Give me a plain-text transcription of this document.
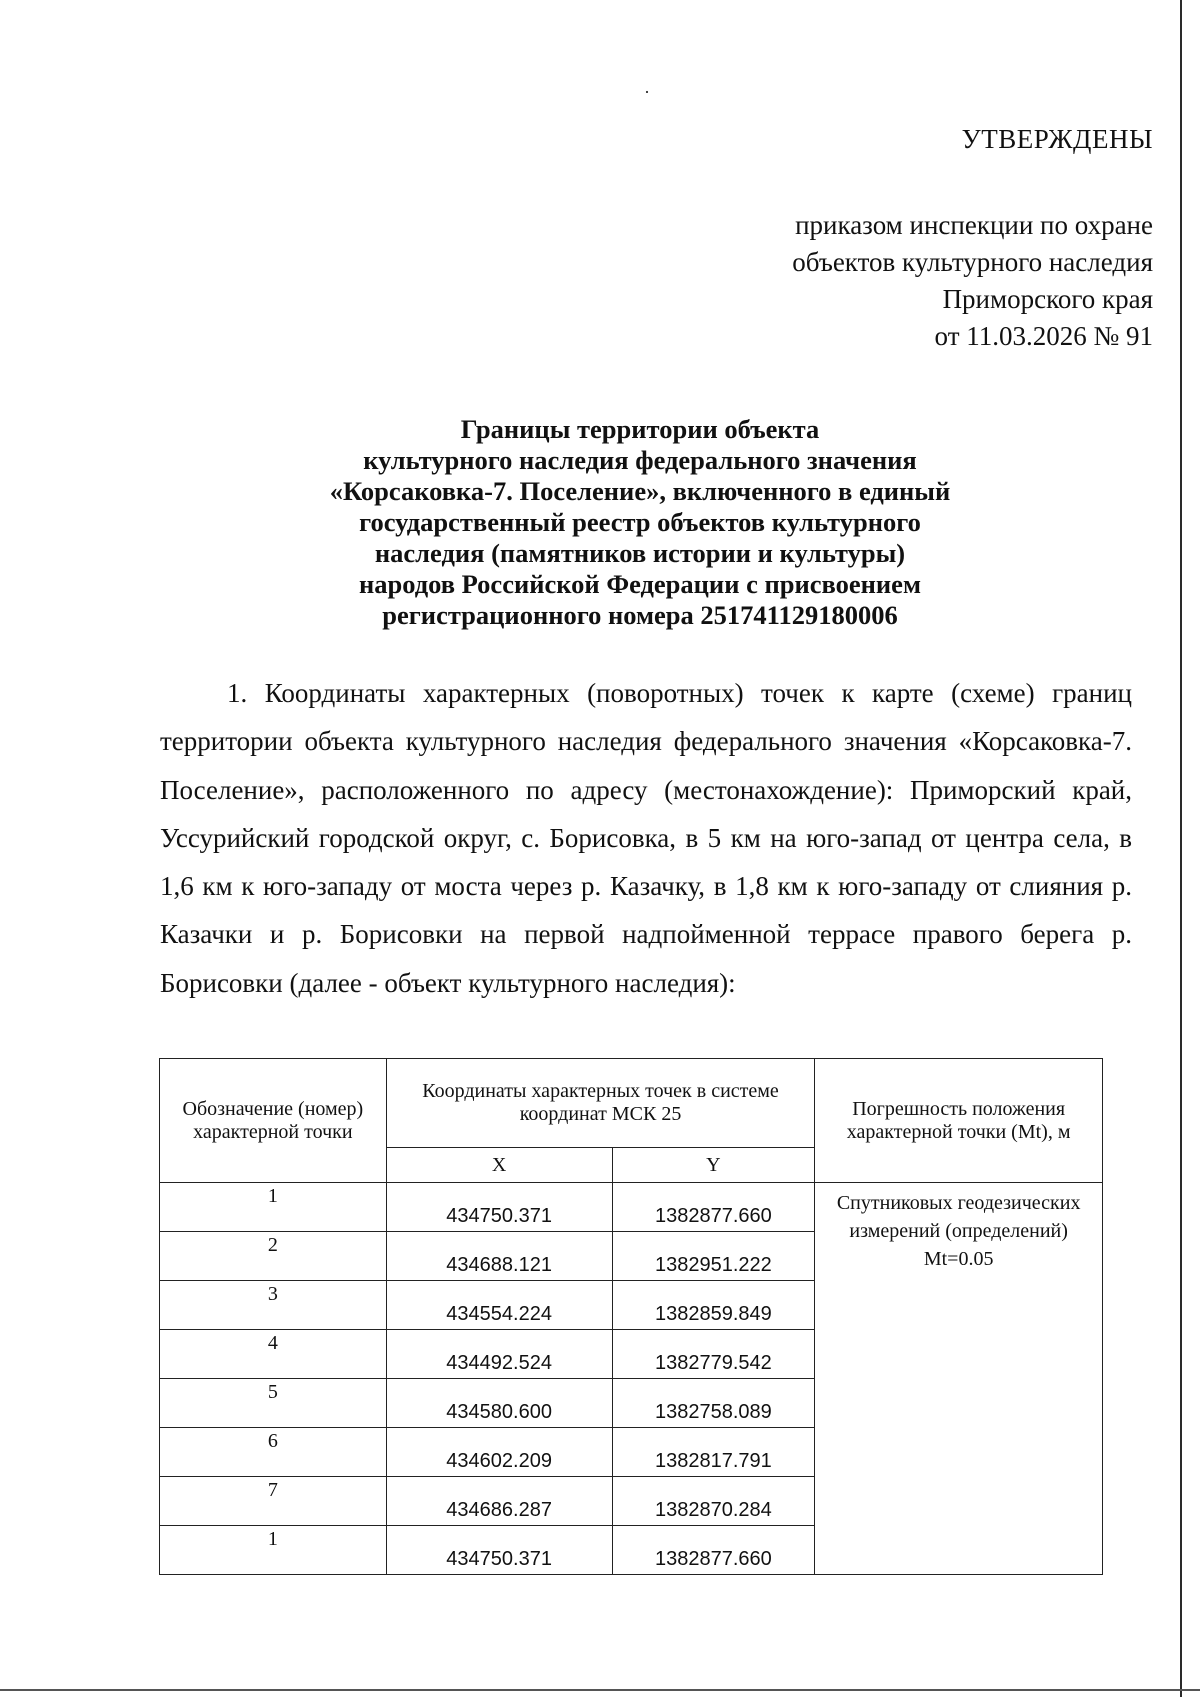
·
УТВЕРЖДЕНЫ
приказом инспекции по охране
объектов культурного наследия
Приморского края
от 11.03.2026 № 91
Границы территории объекта
культурного наследия федерального значения
«Корсаковка-7. Поселение», включенного в единый
государственный реестр объектов культурного
наследия (памятников истории и культуры)
народов Российской Федерации с присвоением
регистрационного номера 251741129180006
1. Координаты характерных (поворотных) точек к карте (схеме) границ территории объекта культурного наследия федерального значения «Корсаковка-7. Поселение», расположенного по адресу (местонахождение): Приморский край, Уссурийский городской округ, с. Борисовка, в 5 км на юго-запад от центра села, в 1,6 км к юго-западу от моста через р. Казачку, в 1,8 км к юго-западу от слияния р. Казачки и р. Борисовки на первой надпойменной террасе правого берега р. Борисовки (далее - объект культурного наследия):
Обозначение (номер) характерной точки	Координаты характерных точек в системе координат МСК 25		Погрешность положения характерной точки (Mt), м
	X	Y	
1	434750.371	1382877.660	Спутниковых геодезических измерений (определений) Mt=0.05
2	434688.121	1382951.222	
3	434554.224	1382859.849	
4	434492.524	1382779.542	
5	434580.600	1382758.089	
6	434602.209	1382817.791	
7	434686.287	1382870.284	
1	434750.371	1382877.660	
